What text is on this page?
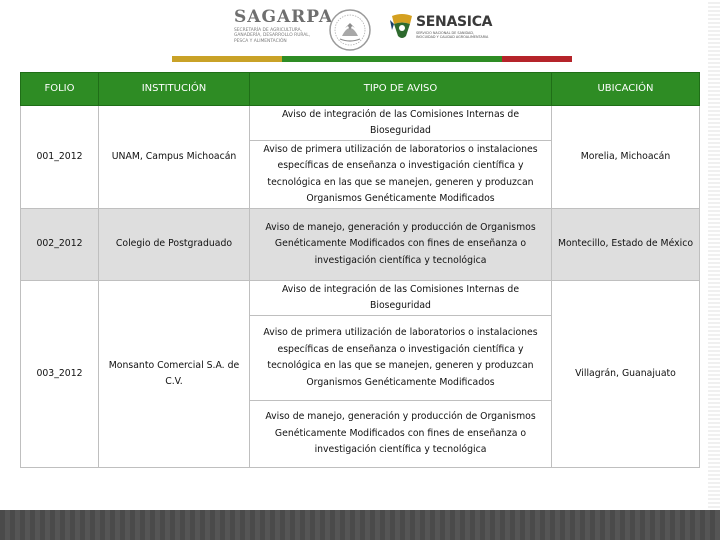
SAGARPA
SECRETARÍA DE AGRICULTURA,
GANADERÍA, DESARROLLO RURAL,
PESCA Y ALIMENTACIÓN
SENASICA
SERVICIO NACIONAL DE SANIDAD, INOCUIDAD Y CALIDAD AGROALIMENTARIA
FOLIO	INSTITUCIÓN	TIPO DE AVISO	UBICACIÓN
001_2012	UNAM, Campus Michoacán	Aviso de integración de las Comisiones Internas de Bioseguridad	Morelia, Michoacán
		Aviso de primera utilización de laboratorios o instalaciones específicas de enseñanza o investigación científica y tecnológica en las que se manejen, generen y produzcan Organismos Genéticamente Modificados	
002_2012	Colegio de Postgraduado	Aviso de manejo, generación y producción de Organismos Genéticamente Modificados con fines de enseñanza o investigación científica y tecnológica	Montecillo, Estado de México
003_2012	Monsanto Comercial S.A. de C.V.	Aviso de integración de las Comisiones Internas de Bioseguridad	Villagrán, Guanajuato
		Aviso de primera utilización de laboratorios o instalaciones específicas de enseñanza o investigación científica y tecnológica en las que se manejen, generen y produzcan Organismos Genéticamente Modificados	
		Aviso de manejo, generación y producción de Organismos Genéticamente Modificados con fines de enseñanza o investigación científica y tecnológica	
